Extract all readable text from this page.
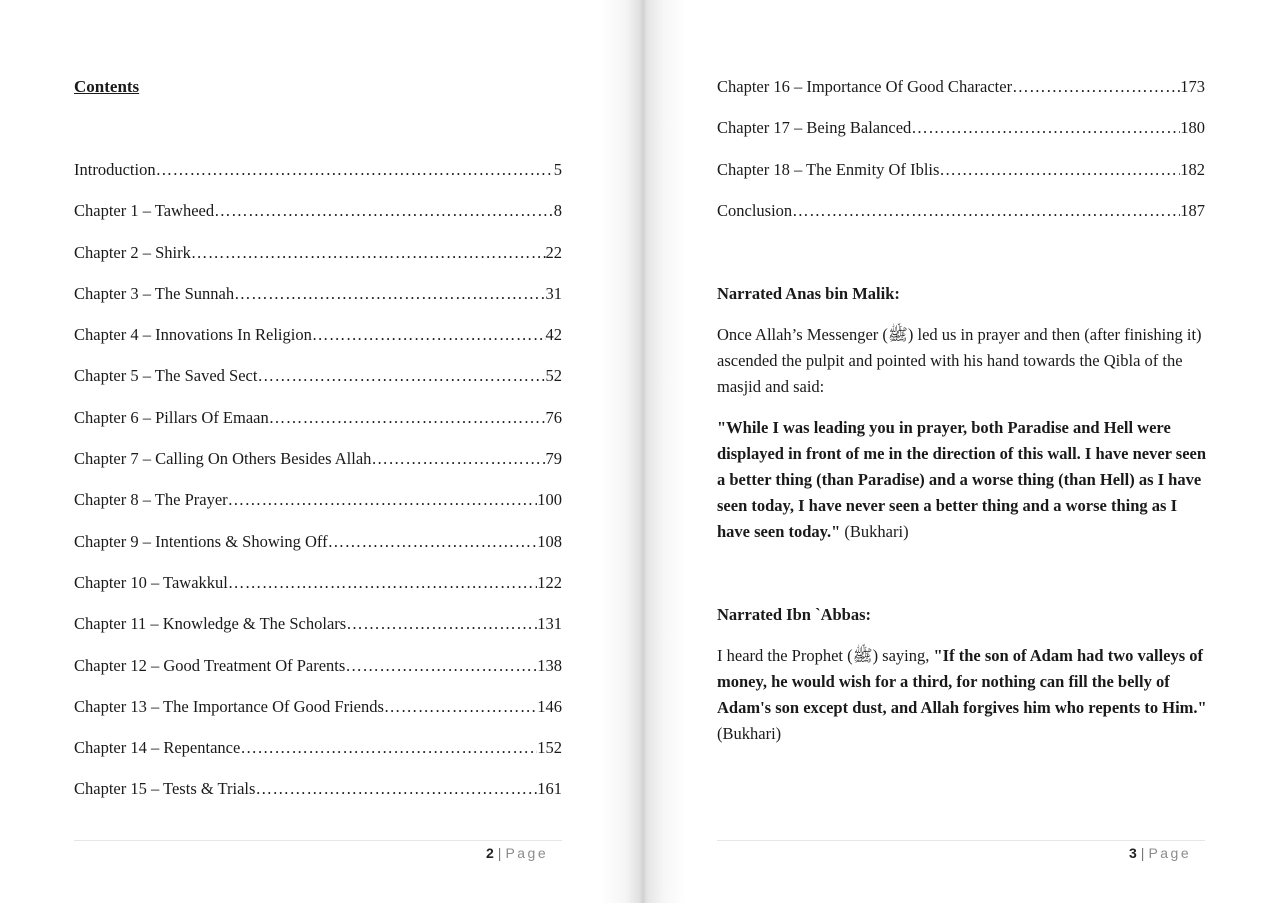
Contents
Introduction ……………………………………………………………………………………………………………………………………	5
Chapter 1 – Tawheed ……………………………………………………………………………………………………………………………………	8
Chapter 2 – Shirk ……………………………………………………………………………………………………………………………………	22
Chapter 3 – The Sunnah ……………………………………………………………………………………………………………………………………	31
Chapter 4 – Innovations In Religion ……………………………………………………………………………………………………………………………………	42
Chapter 5 – The Saved Sect ……………………………………………………………………………………………………………………………………	52
Chapter 6 – Pillars Of Emaan ……………………………………………………………………………………………………………………………………	76
Chapter 7 – Calling On Others Besides Allah ……………………………………………………………………………………………………………………………………	79
Chapter 8 – The Prayer ……………………………………………………………………………………………………………………………………	100
Chapter 9 – Intentions & Showing Off ……………………………………………………………………………………………………………………………………	108
Chapter 10 – Tawakkul ……………………………………………………………………………………………………………………………………	122
Chapter 11 – Knowledge & The Scholars ……………………………………………………………………………………………………………………………………	131
Chapter 12 – Good Treatment Of Parents ……………………………………………………………………………………………………………………………………	138
Chapter 13 – The Importance Of Good Friends ……………………………………………………………………………………………………………………………………	146
Chapter 14 – Repentance ……………………………………………………………………………………………………………………………………	152
Chapter 15 – Tests & Trials ……………………………………………………………………………………………………………………………………	161
2 | Page
Chapter 16 – Importance Of Good Character ……………………………………………………………………………………………………………………………………	173
Chapter 17 – Being Balanced ……………………………………………………………………………………………………………………………………	180
Chapter 18 – The Enmity Of Iblis ……………………………………………………………………………………………………………………………………	182
Conclusion ……………………………………………………………………………………………………………………………………	187
Narrated Anas bin Malik:

Once Allah’s Messenger (ﷺ) led us in prayer and then (after finishing it) ascended the pulpit and pointed with his hand towards the Qibla of the masjid and said:

"While I was leading you in prayer, both Paradise and Hell were displayed in front of me in the direction of this wall. I have never seen a better thing (than Paradise) and a worse thing (than Hell) as I have seen today, I have never seen a better thing and a worse thing as I have seen today." (Bukhari)

Narrated Ibn `Abbas:

I heard the Prophet (ﷺ) saying, "If the son of Adam had two valleys of money, he would wish for a third, for nothing can fill the belly of Adam's son except dust, and Allah forgives him who repents to Him." (Bukhari)

3 | Page
